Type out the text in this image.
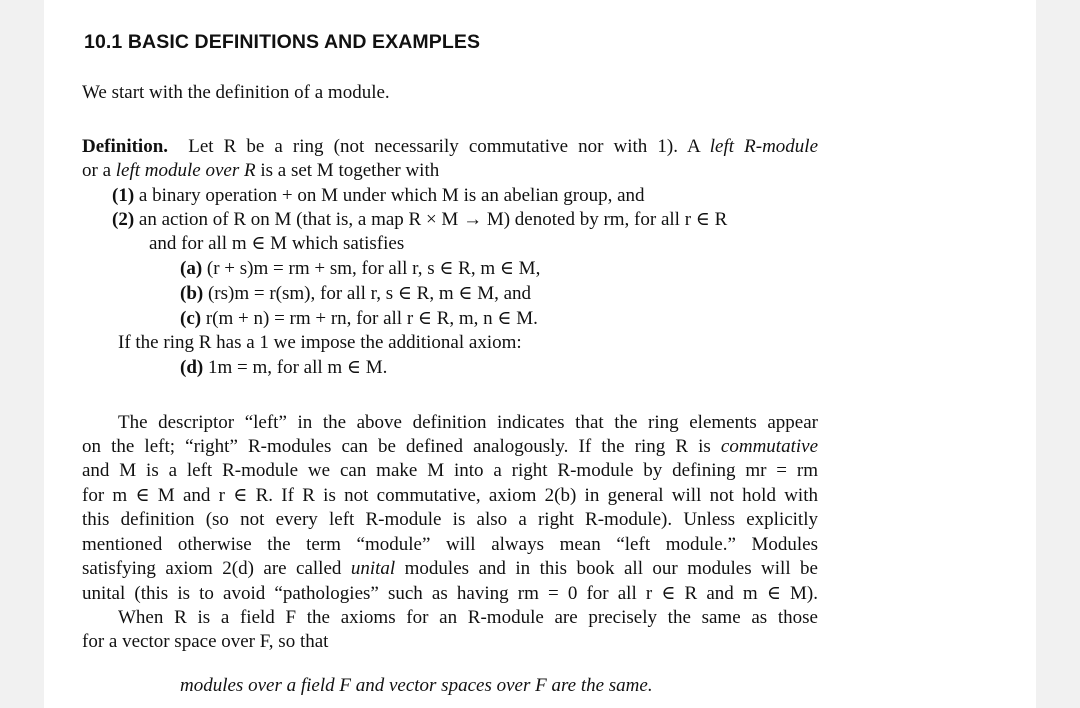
10.1 BASIC DEFINITIONS AND EXAMPLES
We start with the definition of a module.
Definition. Let R be a ring (not necessarily commutative nor with 1). A left R-module
or a left module over R is a set M together with
(1) a binary operation + on M under which M is an abelian group, and
(2) an action of R on M (that is, a map R × M → M) denoted by rm, for all r ∈ R
and for all m ∈ M which satisfies
(a) (r + s)m = rm + sm, for all r, s ∈ R, m ∈ M,
(b) (rs)m = r(sm), for all r, s ∈ R, m ∈ M, and
(c) r(m + n) = rm + rn, for all r ∈ R, m, n ∈ M.
If the ring R has a 1 we impose the additional axiom:
(d) 1m = m, for all m ∈ M.
The descriptor “left” in the above definition indicates that the ring elements appear
on the left; “right” R-modules can be defined analogously. If the ring R is commutative
and M is a left R-module we can make M into a right R-module by defining mr = rm
for m ∈ M and r ∈ R. If R is not commutative, axiom 2(b) in general will not hold with
this definition (so not every left R-module is also a right R-module). Unless explicitly
mentioned otherwise the term “module” will always mean “left module.” Modules
satisfying axiom 2(d) are called unital modules and in this book all our modules will be
unital (this is to avoid “pathologies” such as having rm = 0 for all r ∈ R and m ∈ M).
When R is a field F the axioms for an R-module are precisely the same as those
for a vector space over F, so that
modules over a field F and vector spaces over F are the same.
